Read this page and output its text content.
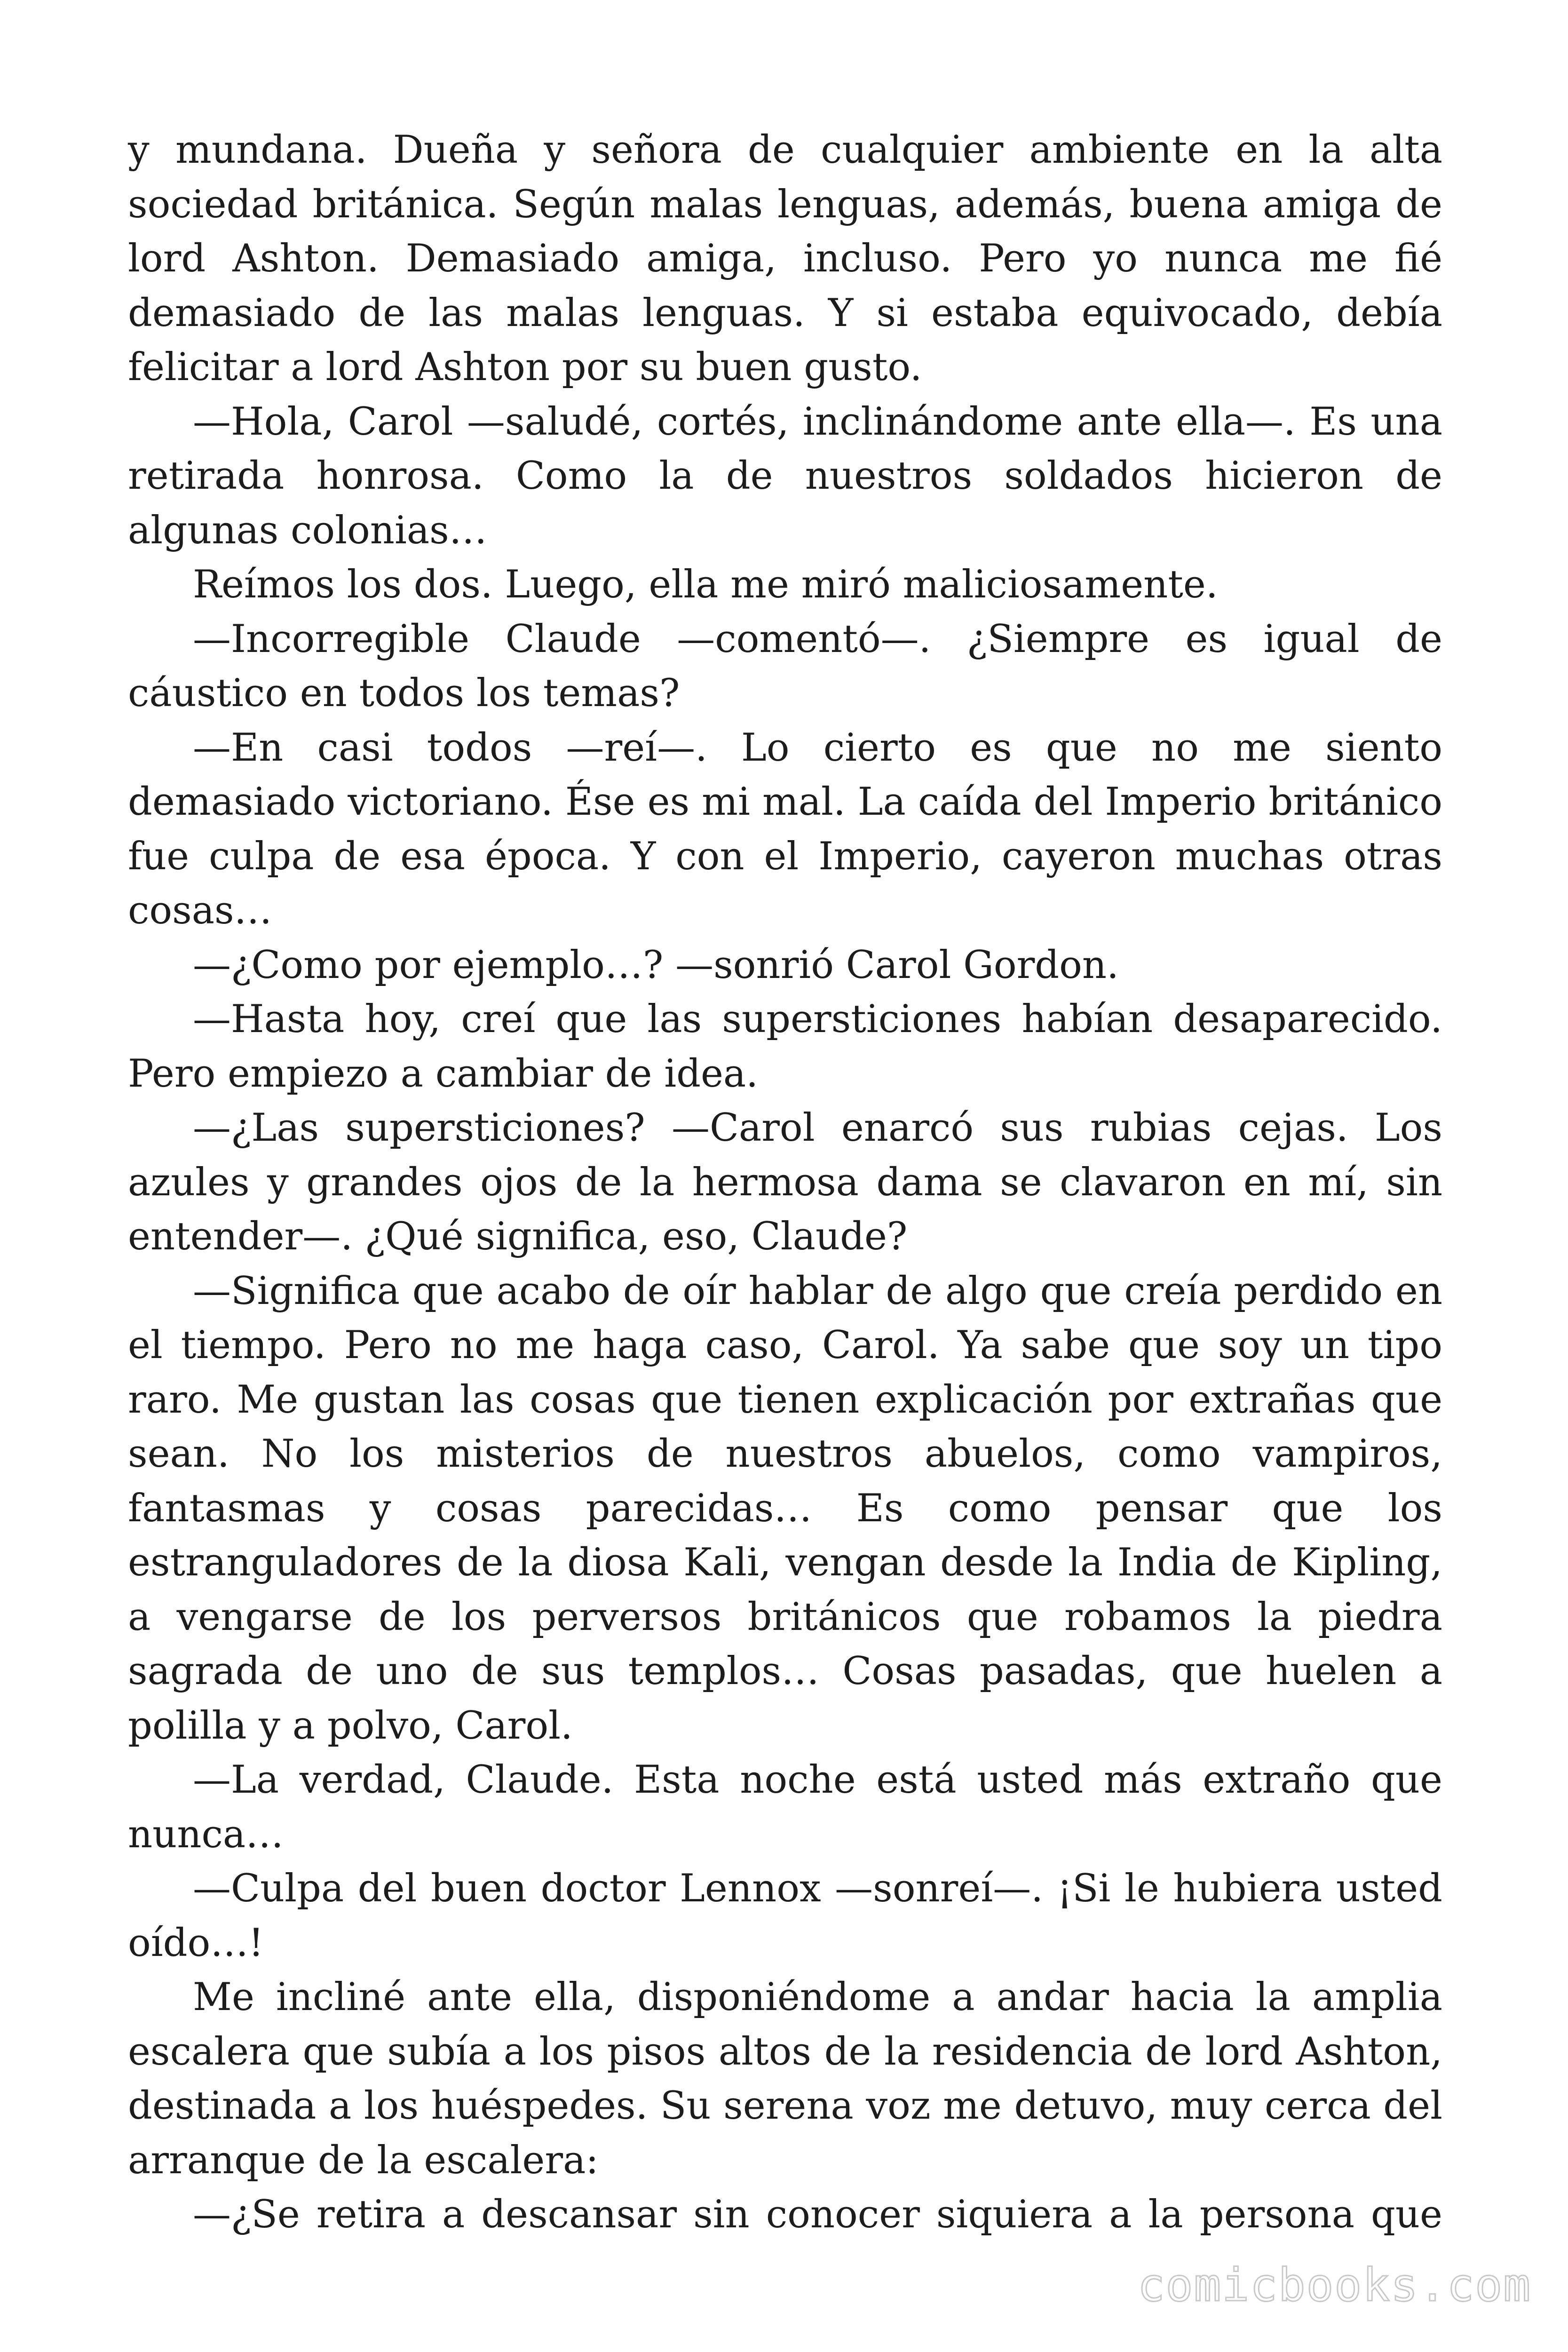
y mundana. Dueña y señora de cualquier ambiente en la alta sociedad británica. Según malas lenguas, además, buena amiga de lord Ashton. Demasiado amiga, incluso. Pero yo nunca me fié demasiado de las malas lenguas. Y si estaba equivocado, debía felicitar a lord Ashton por su buen gusto.

—Hola, Carol —saludé, cortés, inclinándome ante ella—. Es una retirada honrosa. Como la de nuestros soldados hicieron de algunas colonias…

Reímos los dos. Luego, ella me miró maliciosamente.

—Incorregible Claude —comentó—. ¿Siempre es igual de cáustico en todos los temas?

—En casi todos —reí—. Lo cierto es que no me siento demasiado victoriano. Ése es mi mal. La caída del Imperio británico fue culpa de esa época. Y con el Imperio, cayeron muchas otras cosas…

—¿Como por ejemplo…? —sonrió Carol Gordon.

—Hasta hoy, creí que las supersticiones habían desaparecido. Pero empiezo a cambiar de idea.

—¿Las supersticiones? —Carol enarcó sus rubias cejas. Los azules y grandes ojos de la hermosa dama se clavaron en mí, sin entender—. ¿Qué significa, eso, Claude?

—Significa que acabo de oír hablar de algo que creía perdido en el tiempo. Pero no me haga caso, Carol. Ya sabe que soy un tipo raro. Me gustan las cosas que tienen explicación por extrañas que sean. No los misterios de nuestros abuelos, como vampiros, fantasmas y cosas parecidas… Es como pensar que los estranguladores de la diosa Kali, vengan desde la India de Kipling, a vengarse de los perversos británicos que robamos la piedra sagrada de uno de sus templos… Cosas pasadas, que huelen a polilla y a polvo, Carol.

—La verdad, Claude. Esta noche está usted más extraño que nunca…

—Culpa del buen doctor Lennox —sonreí—. ¡Si le hubiera usted oído…!

Me incliné ante ella, disponiéndome a andar hacia la amplia escalera que subía a los pisos altos de la residencia de lord Ashton, destinada a los huéspedes. Su serena voz me detuvo, muy cerca del arranque de la escalera:

—¿Se retira a descansar sin conocer siquiera a la persona que

comicbooks.com
